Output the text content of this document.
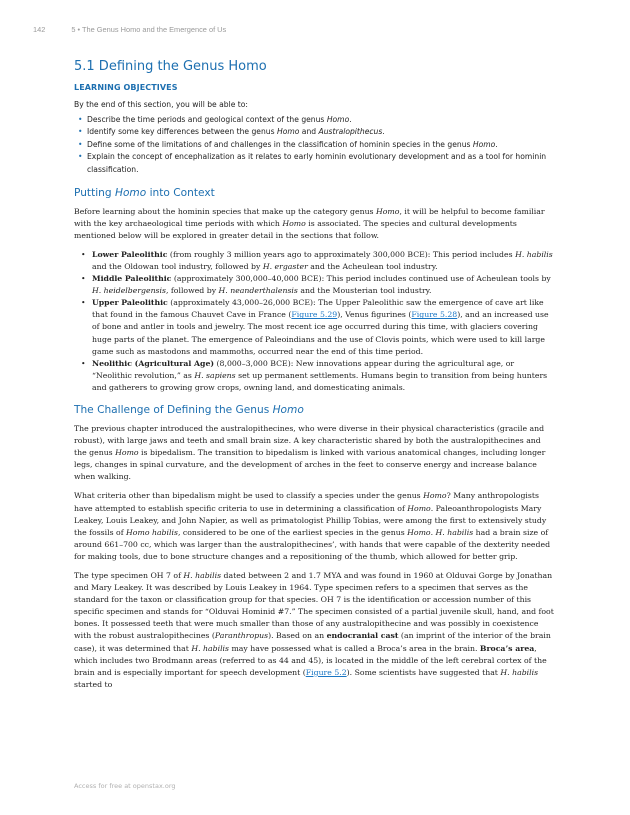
142	5 • The Genus Homo and the Emergence of Us
5.1 Defining the Genus Homo
LEARNING OBJECTIVES
By the end of this section, you will be able to:
• Describe the time periods and geological context of the genus Homo.
• Identify some key differences between the genus Homo and Australopithecus.
• Define some of the limitations of and challenges in the classification of hominin species in the genus Homo.
• Explain the concept of encephalization as it relates to early hominin evolutionary development and as a tool for hominin classification.
Putting Homo into Context

Before learning about the hominin species that make up the category genus Homo, it will be helpful to become familiar with the key archaeological time periods with which Homo is associated. The species and cultural developments mentioned below will be explored in greater detail in the sections that follow.

• Lower Paleolithic (from roughly 3 million years ago to approximately 300,000 BCE): This period includes H. habilis and the Oldowan tool industry, followed by H. ergaster and the Acheulean tool industry.
• Middle Paleolithic (approximately 300,000–40,000 BCE): This period includes continued use of Acheulean tools by H. heidelbergensis, followed by H. neanderthalensis and the Mousterian tool industry.
• Upper Paleolithic (approximately 43,000–26,000 BCE): The Upper Paleolithic saw the emergence of cave art like that found in the famous Chauvet Cave in France (Figure 5.29), Venus figurines (Figure 5.28), and an increased use of bone and antler in tools and jewelry. The most recent ice age occurred during this time, with glaciers covering huge parts of the planet. The emergence of Paleoindians and the use of Clovis points, which were used to kill large game such as mastodons and mammoths, occurred near the end of this time period.
• Neolithic (Agricultural Age) (8,000–3,000 BCE): New innovations appear during the agricultural age, or “Neolithic revolution,” as H. sapiens set up permanent settlements. Humans begin to transition from being hunters and gatherers to growing grow crops, owning land, and domesticating animals.
The Challenge of Defining the Genus Homo

The previous chapter introduced the australopithecines, who were diverse in their physical characteristics (gracile and robust), with large jaws and teeth and small brain size. A key characteristic shared by both the australopithecines and the genus Homo is bipedalism. The transition to bipedalism is linked with various anatomical changes, including longer legs, changes in spinal curvature, and the development of arches in the feet to conserve energy and increase balance when walking.

What criteria other than bipedalism might be used to classify a species under the genus Homo? Many anthropologists have attempted to establish specific criteria to use in determining a classification of Homo. Paleoanthropologists Mary Leakey, Louis Leakey, and John Napier, as well as primatologist Phillip Tobias, were among the first to extensively study the fossils of Homo habilis, considered to be one of the earliest species in the genus Homo. H. habilis had a brain size of around 661–700 cc, which was larger than the australopithecines’, with hands that were capable of the dexterity needed for making tools, due to bone structure changes and a repositioning of the thumb, which allowed for better grip.

The type specimen OH 7 of H. habilis dated between 2 and 1.7 MYA and was found in 1960 at Olduvai Gorge by Jonathan and Mary Leakey. It was described by Louis Leakey in 1964. Type specimen refers to a specimen that serves as the standard for the taxon or classification group for that species. OH 7 is the identification or accession number of this specific specimen and stands for “Olduvai Hominid #7.” The specimen consisted of a partial juvenile skull, hand, and foot bones. It possessed teeth that were much smaller than those of any australopithecine and was possibly in coexistence with the robust australopithecines (Paranthropus). Based on an endocranial cast (an imprint of the interior of the brain case), it was determined that H. habilis may have possessed what is called a Broca’s area in the brain. Broca’s area, which includes two Brodmann areas (referred to as 44 and 45), is located in the middle of the left cerebral cortex of the brain and is especially important for speech development (Figure 5.2). Some scientists have suggested that H. habilis started to

Access for free at openstax.org
